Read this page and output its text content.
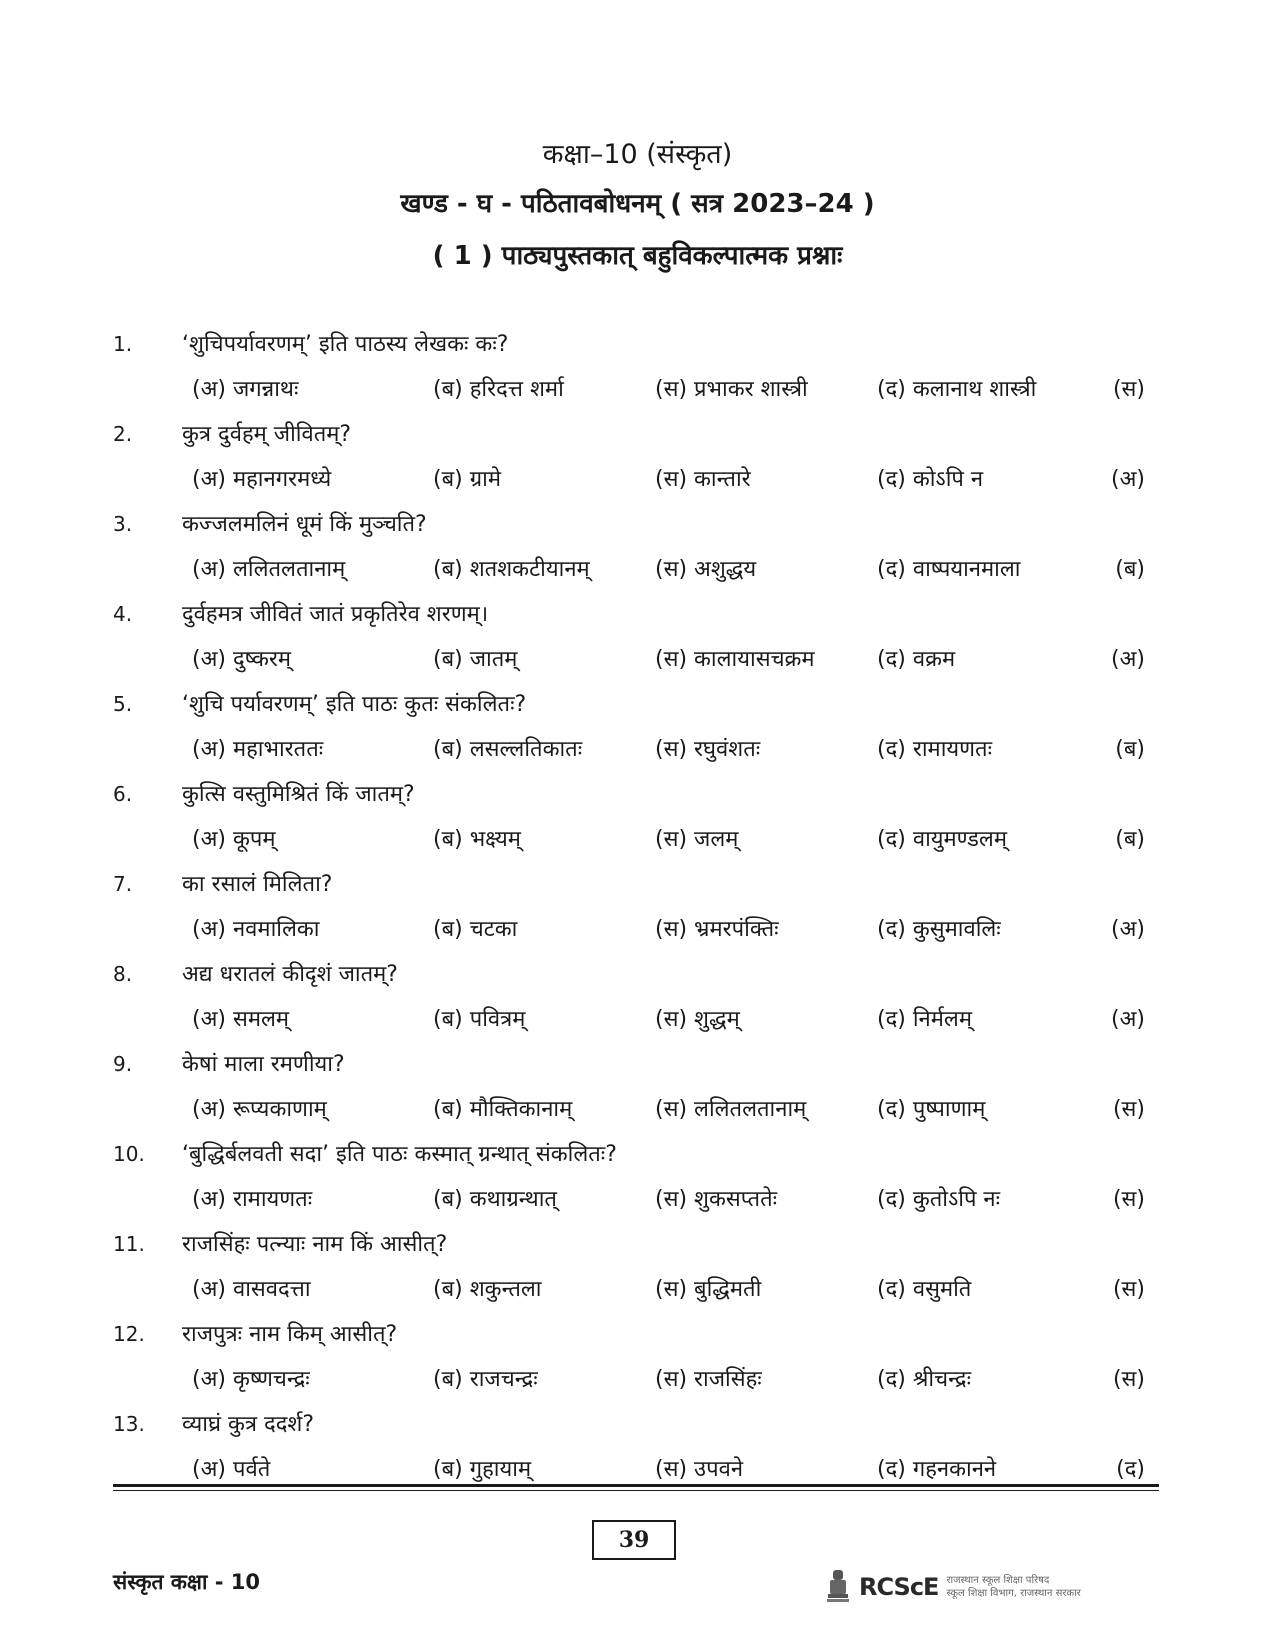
कक्षा–10 (संस्कृत)
खण्ड - घ - पठितावबोधनम् ( सत्र 2023–24 )
( 1 ) पाठ्यपुस्तकात् बहुविकल्पात्मक प्रश्नाः
1. ‘शुचिपर्यावरणम्’ इति पाठस्य लेखकः कः?
(अ) जगन्नाथः	(ब) हरिदत्त शर्मा	(स) प्रभाकर शास्त्री	(द) कलानाथ शास्त्री	(स)
2. कुत्र दुर्वहम् जीवितम्?
(अ) महानगरमध्ये	(ब) ग्रामे	(स) कान्तारे	(द) कोऽपि न	(अ)
3. कज्जलमलिनं धूमं किं मुञ्चति?
(अ) ललितलतानाम्	(ब) शतशकटीयानम्	(स) अशुद्धय	(द) वाष्पयानमाला	(ब)
4. दुर्वहमत्र जीवितं जातं प्रकृतिरेव शरणम्।
(अ) दुष्करम्	(ब) जातम्	(स) कालायासचक्रम	(द) वक्रम	(अ)
5. ‘शुचि पर्यावरणम्’ इति पाठः कुतः संकलितः?
(अ) महाभारततः	(ब) लसल्लतिकातः	(स) रघुवंशतः	(द) रामायणतः	(ब)
6. कुत्सि वस्तुमिश्रितं किं जातम्?
(अ) कूपम्	(ब) भक्ष्यम्	(स) जलम्	(द) वायुमण्डलम्	(ब)
7. का रसालं मिलिता?
(अ) नवमालिका	(ब) चटका	(स) भ्रमरपंक्तिः	(द) कुसुमावलिः	(अ)
8. अद्य धरातलं कीदृशं जातम्?
(अ) समलम्	(ब) पवित्रम्	(स) शुद्धम्	(द) निर्मलम्	(अ)
9. केषां माला रमणीया?
(अ) रूप्यकाणाम्	(ब) मौक्तिकानाम्	(स) ललितलतानाम्	(द) पुष्पाणाम्	(स)
10. ‘बुद्धिर्बलवती सदा’ इति पाठः कस्मात् ग्रन्थात् संकलितः?
(अ) रामायणतः	(ब) कथाग्रन्थात्	(स) शुकसप्ततेः	(द) कुतोऽपि नः	(स)
11. राजसिंहः पत्न्याः नाम किं आसीत्?
(अ) वासवदत्ता	(ब) शकुन्तला	(स) बुद्धिमती	(द) वसुमति	(स)
12. राजपुत्रः नाम किम् आसीत्?
(अ) कृष्णचन्द्रः	(ब) राजचन्द्रः	(स) राजसिंहः	(द) श्रीचन्द्रः	(स)
13. व्याघ्रं कुत्र ददर्श?
(अ) पर्वते	(ब) गुहायाम्	(स) उपवने	(द) गहनकानने	(द)
39
संस्कृत कक्षा - 10	RCScE राजस्थान स्कूल शिक्षा परिषद
स्कूल शिक्षा विभाग, राजस्थान सरकार
